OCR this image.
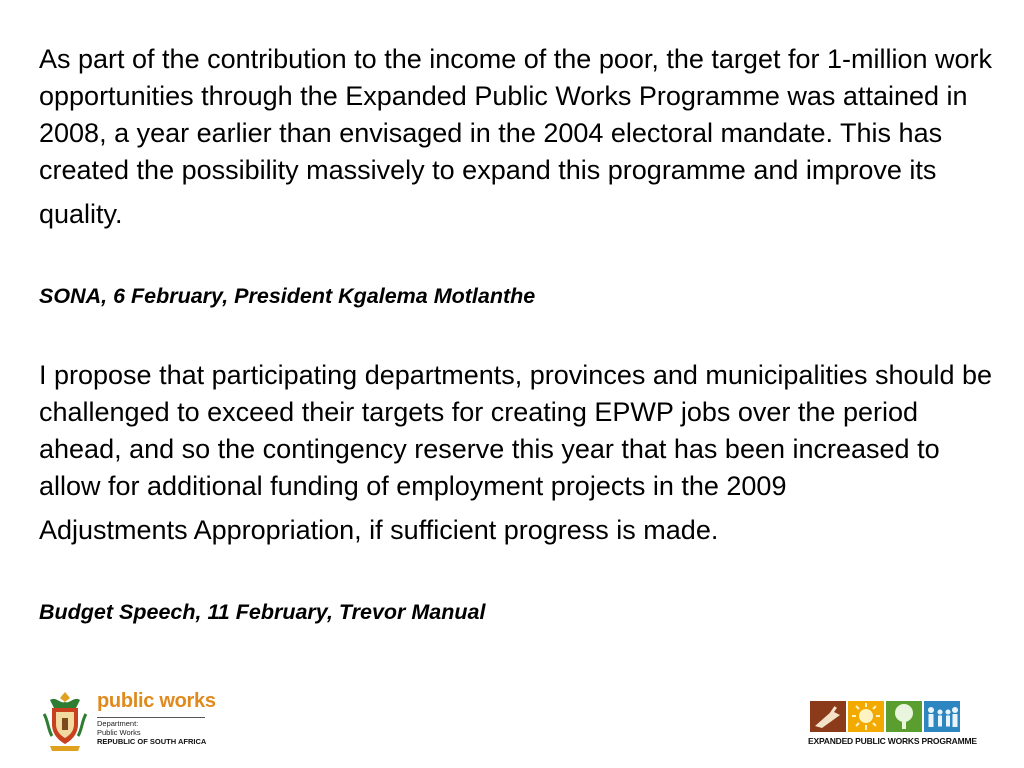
As part of the contribution to the income of the poor, the target for 1-million work opportunities through the Expanded Public Works Programme was attained in 2008, a year earlier than envisaged in the 2004 electoral mandate. This has created the possibility massively to expand this programme and improve its
quality.

SONA, 6 February, President Kgalema Motlanthe

I propose that participating departments, provinces and municipalities should be challenged to exceed their targets for creating EPWP jobs over the period ahead, and so the contingency reserve this year that has been increased to allow for additional funding of employment projects in the 2009
Adjustments Appropriation, if sufficient progress is made.

Budget Speech, 11 February, Trevor Manual

public works
Department:
Public Works
REPUBLIC OF SOUTH AFRICA	EXPANDED PUBLIC WORKS PROGRAMME
